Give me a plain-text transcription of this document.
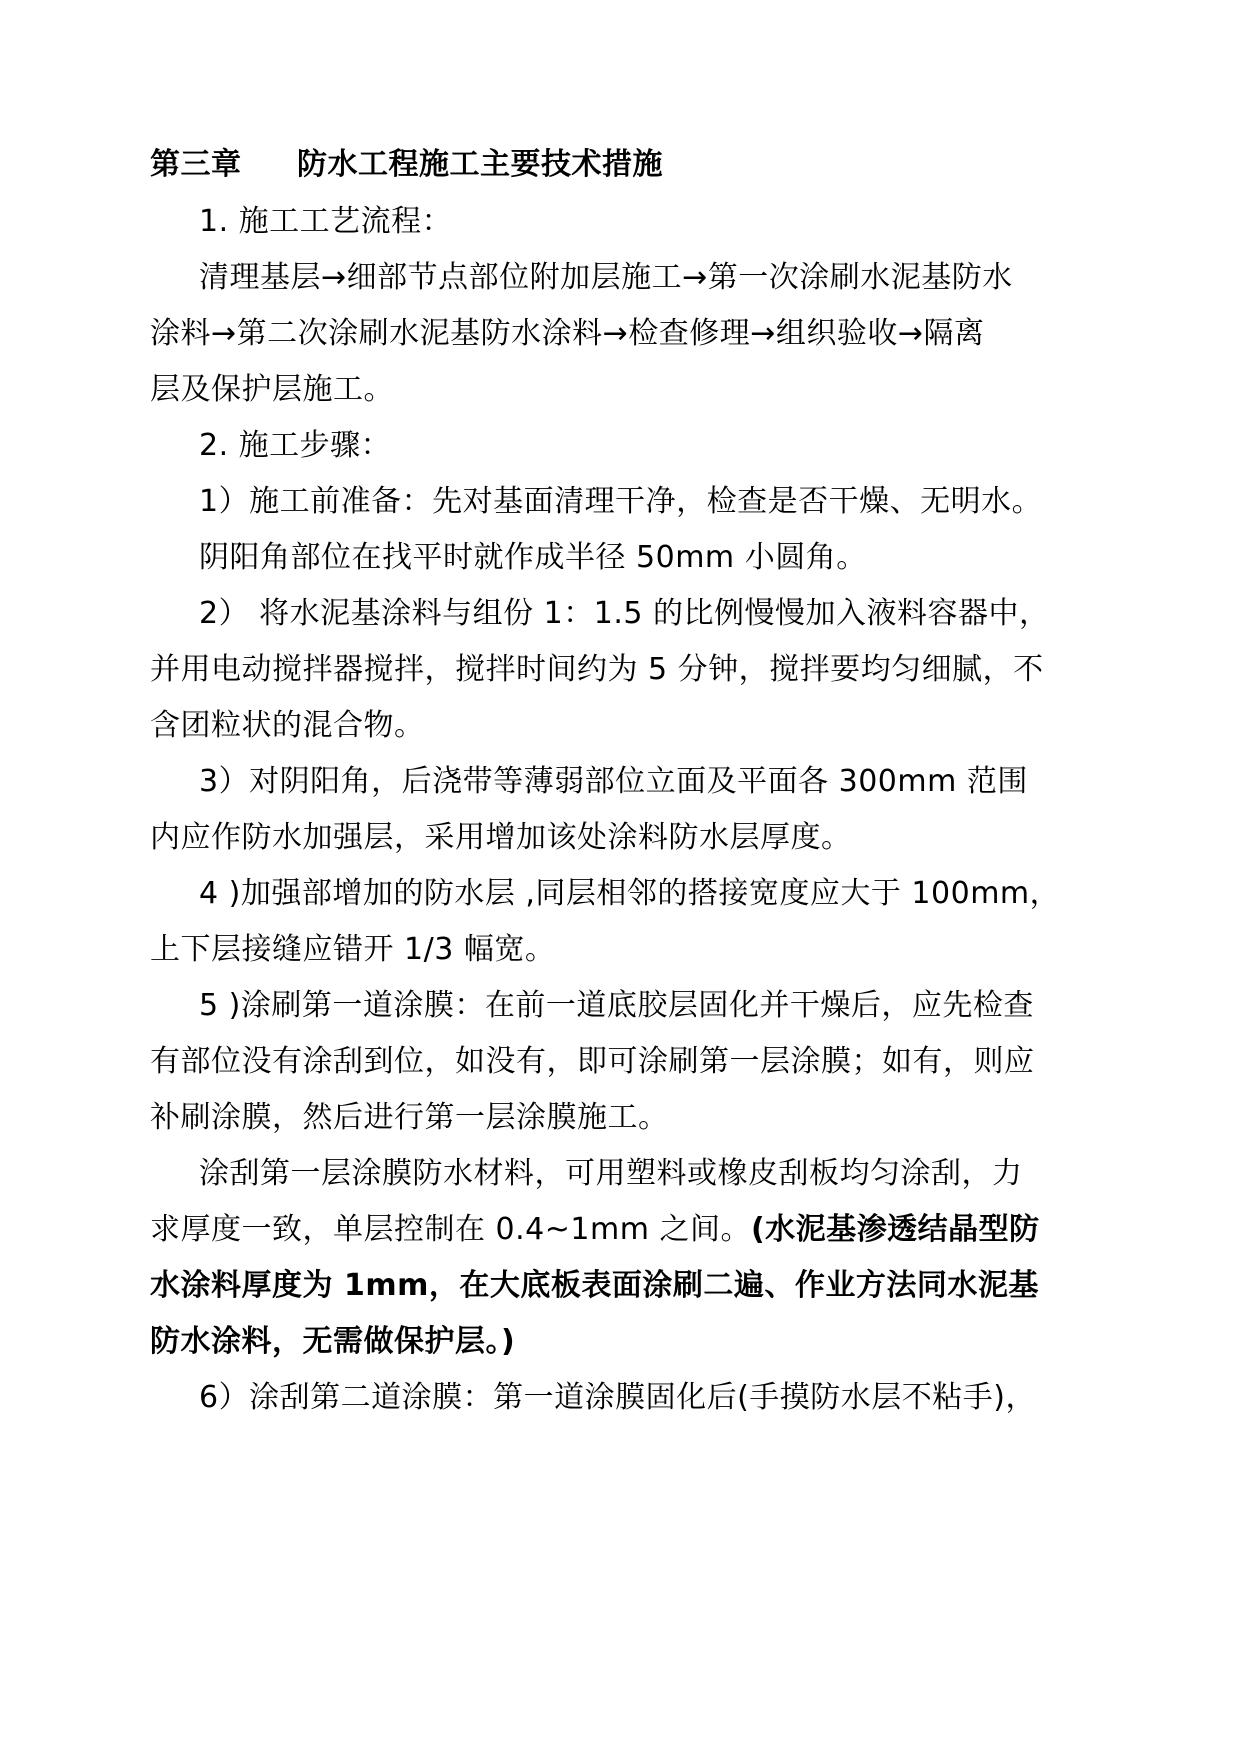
第三章 防水工程施工主要技术措施
1. 施工工艺流程：
清理基层→细部节点部位附加层施工→第一次涂刷水泥基防水
涂料→第二次涂刷水泥基防水涂料→检查修理→组织验收→隔离
层及保护层施工。
2. 施工步骤：
1）施工前准备：先对基面清理干净，检查是否干燥、无明水。
阴阳角部位在找平时就作成半径 50mm 小圆角。
2） 将水泥基涂料与组份 1：1.5 的比例慢慢加入液料容器中，
并用电动搅拌器搅拌，搅拌时间约为 5 分钟，搅拌要均匀细腻，不
含团粒状的混合物。
3）对阴阳角，后浇带等薄弱部位立面及平面各 300mm 范围
内应作防水加强层，采用增加该处涂料防水层厚度。
4 )加强部增加的防水层 ,同层相邻的搭接宽度应大于 100mm，
上下层接缝应错开 1/3 幅宽。
5 )涂刷第一道涂膜：在前一道底胶层固化并干燥后，应先检查
有部位没有涂刮到位，如没有，即可涂刷第一层涂膜；如有，则应
补刷涂膜，然后进行第一层涂膜施工。
涂刮第一层涂膜防水材料，可用塑料或橡皮刮板均匀涂刮，力
求厚度一致，单层控制在 0.4~1mm 之间。(水泥基渗透结晶型防
水涂料厚度为 1mm，在大底板表面涂刷二遍、作业方法同水泥基
防水涂料，无需做保护层。)
6）涂刮第二道涂膜：第一道涂膜固化后(手摸防水层不粘手)，
